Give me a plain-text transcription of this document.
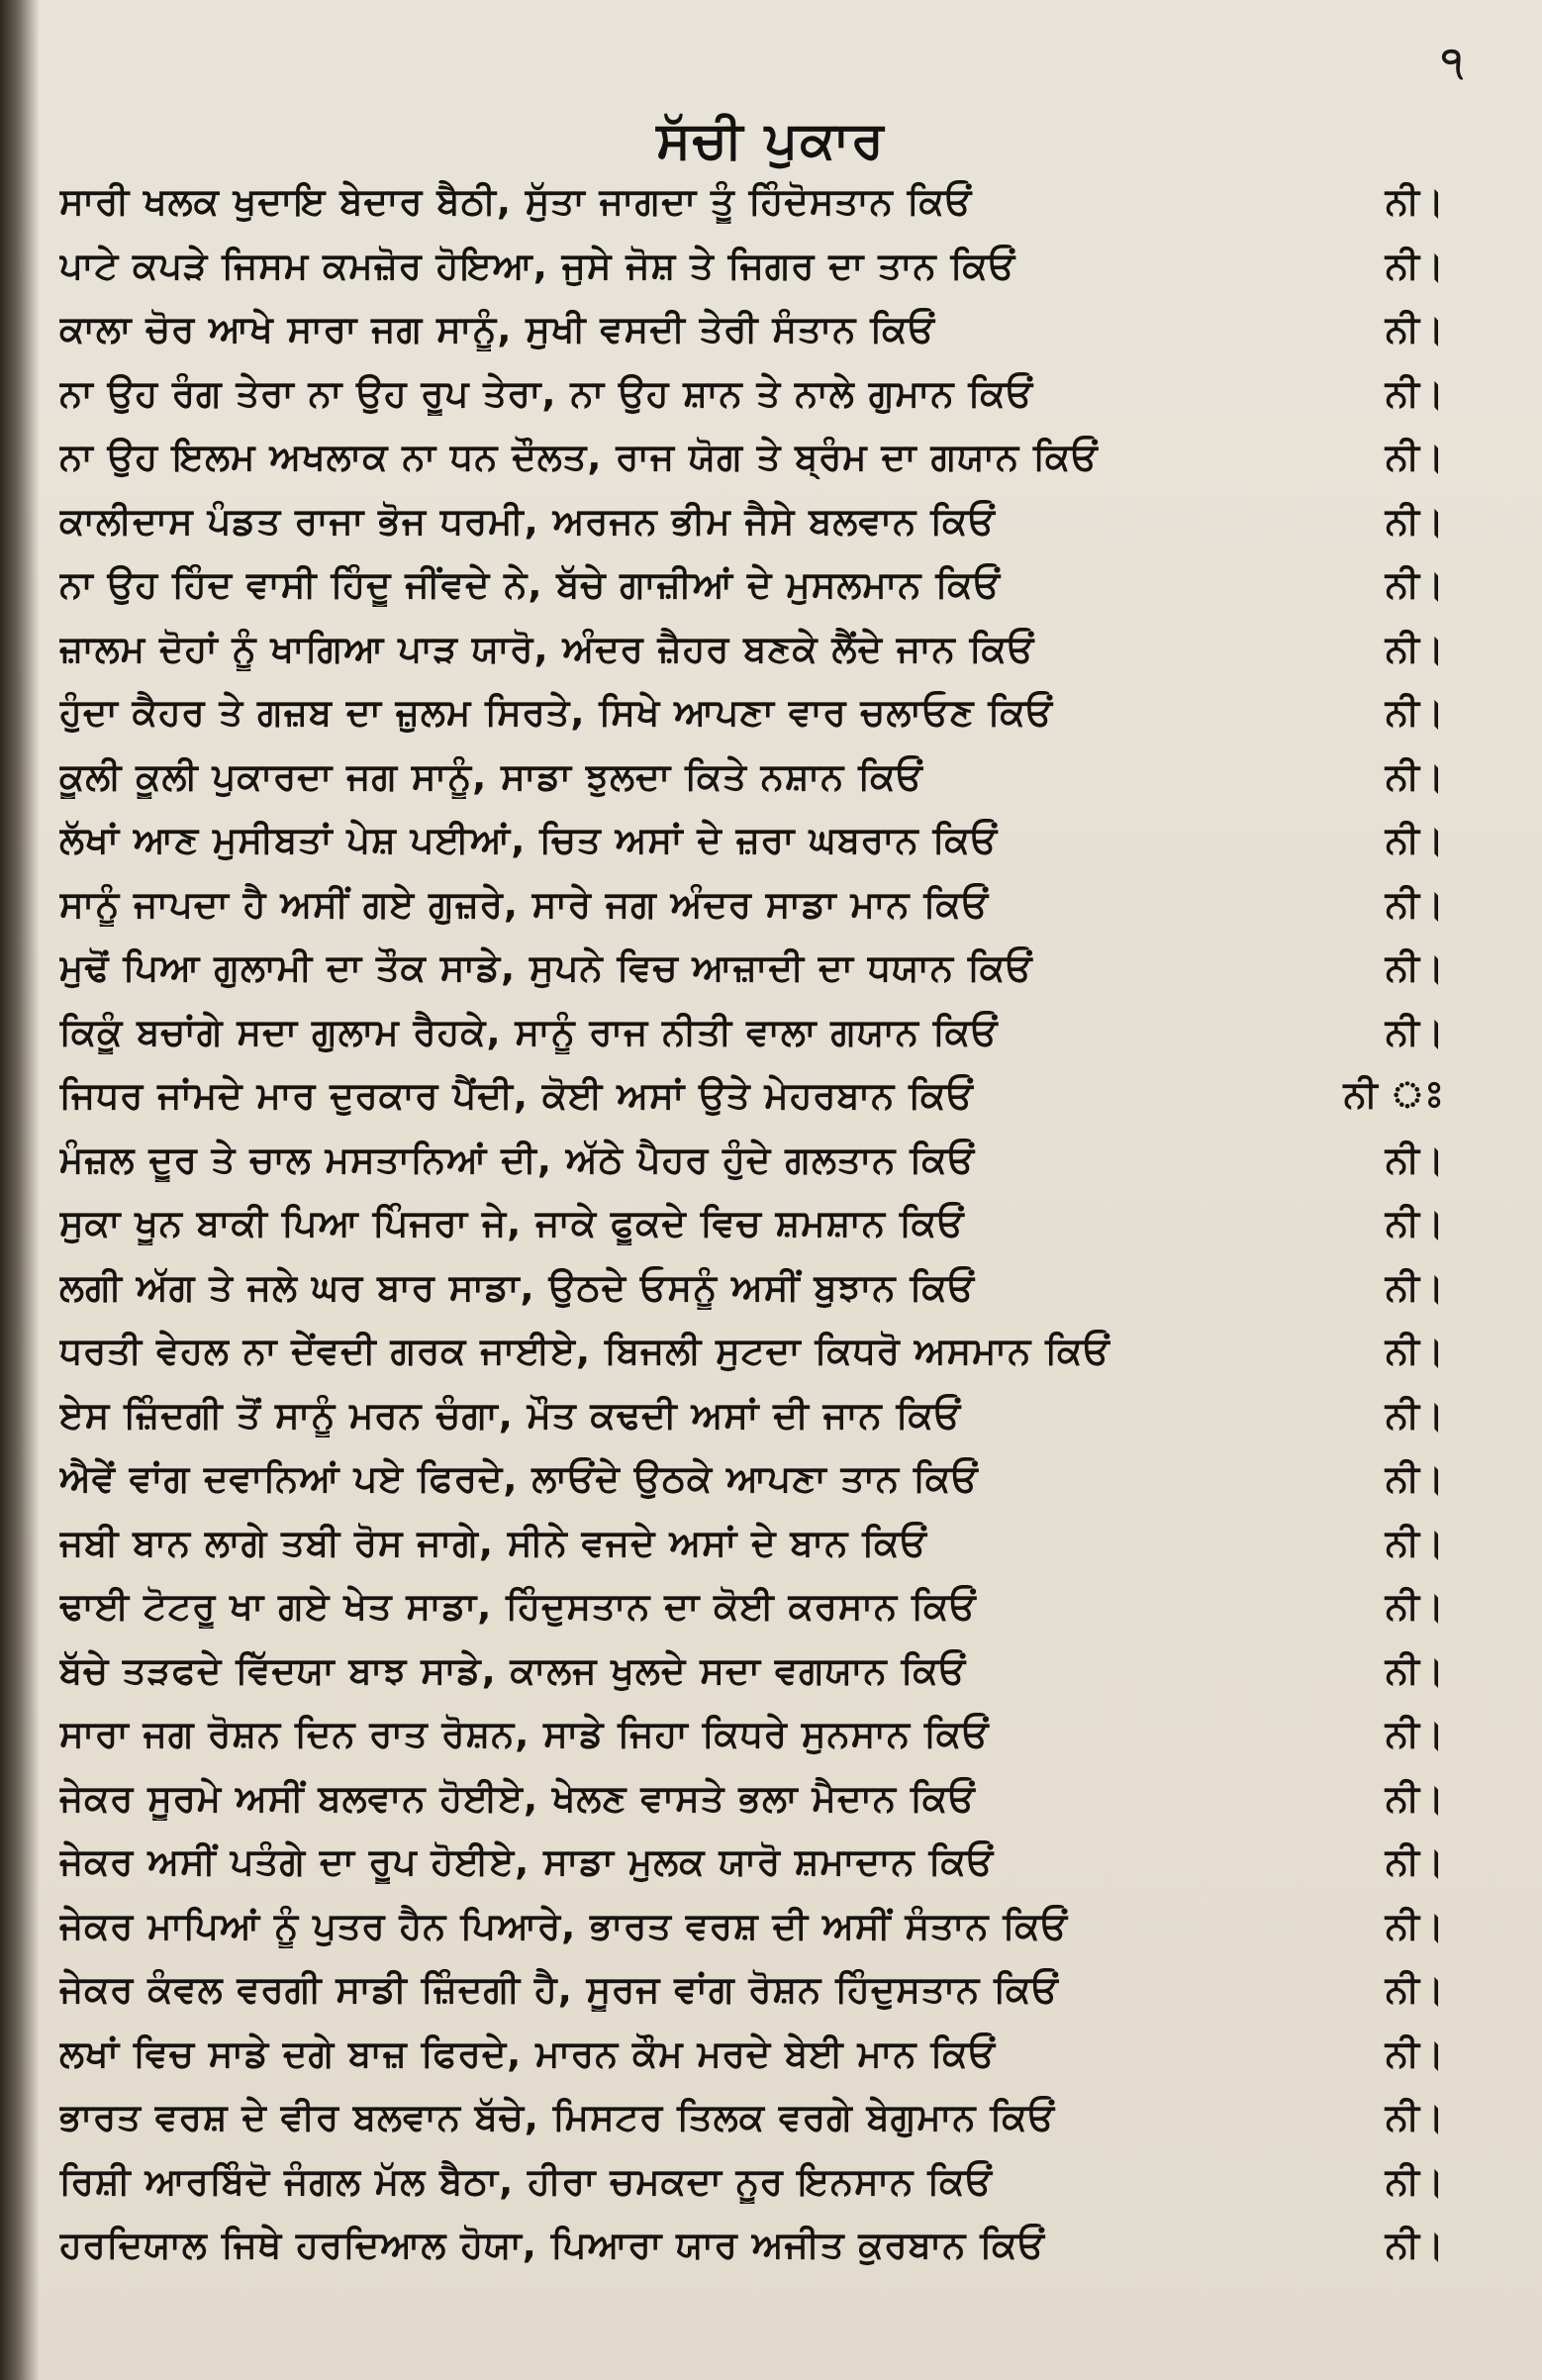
੧
ਸੱਚੀ ਪੁਕਾਰ
ਸਾਰੀ ਖਲਕ ਖੁਦਾਇ ਬੇਦਾਰ ਬੈਠੀ, ਸੁੱਤਾ ਜਾਗਦਾ ਤੂੰ ਹਿੰਦੋਸਤਾਨ ਕਿਓਂ	ਨੀ।
ਪਾਟੇ ਕਪੜੇ ਜਿਸਮ ਕਮਜ਼ੋਰ ਹੋਇਆ, ਜੁਸੇ ਜੋਸ਼ ਤੇ ਜਿਗਰ ਦਾ ਤਾਨ ਕਿਓਂ	ਨੀ।
ਕਾਲਾ ਚੋਰ ਆਖੇ ਸਾਰਾ ਜਗ ਸਾਨੂੰ, ਸੁਖੀ ਵਸਦੀ ਤੇਰੀ ਸੰਤਾਨ ਕਿਓਂ	ਨੀ।
ਨਾ ਉਹ ਰੰਗ ਤੇਰਾ ਨਾ ਉਹ ਰੂਪ ਤੇਰਾ, ਨਾ ਉਹ ਸ਼ਾਨ ਤੇ ਨਾਲੇ ਗੁਮਾਨ ਕਿਓਂ	ਨੀ।
ਨਾ ਉਹ ਇਲਮ ਅਖਲਾਕ ਨਾ ਧਨ ਦੌਲਤ, ਰਾਜ ਯੋਗ ਤੇ ਬ੍ਰੰਮ ਦਾ ਗਯਾਨ ਕਿਓਂ	ਨੀ।
ਕਾਲੀਦਾਸ ਪੰਡਤ ਰਾਜਾ ਭੋਜ ਧਰਮੀ, ਅਰਜਨ ਭੀਮ ਜੈਸੇ ਬਲਵਾਨ ਕਿਓਂ	ਨੀ।
ਨਾ ਉਹ ਹਿੰਦ ਵਾਸੀ ਹਿੰਦੂ ਜੀਂਵਦੇ ਨੇ, ਬੱਚੇ ਗਾਜ਼ੀਆਂ ਦੇ ਮੁਸਲਮਾਨ ਕਿਓਂ	ਨੀ।
ਜ਼ਾਲਮ ਦੋਹਾਂ ਨੂੰ ਖਾਗਿਆ ਪਾੜ ਯਾਰੋ, ਅੰਦਰ ਜ਼ੈਹਰ ਬਣਕੇ ਲੈਂਦੇ ਜਾਨ ਕਿਓਂ	ਨੀ।
ਹੁੰਦਾ ਕੈਹਰ ਤੇ ਗਜ਼ਬ ਦਾ ਜ਼ੁਲਮ ਸਿਰਤੇ, ਸਿਖੇ ਆਪਣਾ ਵਾਰ ਚਲਾਓਣ ਕਿਓਂ	ਨੀ।
ਕੂਲੀ ਕੂਲੀ ਪੁਕਾਰਦਾ ਜਗ ਸਾਨੂੰ, ਸਾਡਾ ਝੁਲਦਾ ਕਿਤੇ ਨਸ਼ਾਨ ਕਿਓਂ	ਨੀ।
ਲੱਖਾਂ ਆਣ ਮੁਸੀਬਤਾਂ ਪੇਸ਼ ਪਈਆਂ, ਚਿਤ ਅਸਾਂ ਦੇ ਜ਼ਰਾ ਘਬਰਾਨ ਕਿਓਂ	ਨੀ।
ਸਾਨੂੰ ਜਾਪਦਾ ਹੈ ਅਸੀਂ ਗਏ ਗੁਜ਼ਰੇ, ਸਾਰੇ ਜਗ ਅੰਦਰ ਸਾਡਾ ਮਾਨ ਕਿਓਂ	ਨੀ।
ਮੁਢੋਂ ਪਿਆ ਗੁਲਾਮੀ ਦਾ ਤੌਕ ਸਾਡੇ, ਸੁਪਨੇ ਵਿਚ ਆਜ਼ਾਦੀ ਦਾ ਧਯਾਨ ਕਿਓਂ	ਨੀ।
ਕਿਕੂੰ ਬਚਾਂਗੇ ਸਦਾ ਗੁਲਾਮ ਰੈਹਕੇ, ਸਾਨੂੰ ਰਾਜ ਨੀਤੀ ਵਾਲਾ ਗਯਾਨ ਕਿਓਂ	ਨੀ।
ਜਿਧਰ ਜਾਂਮਦੇ ਮਾਰ ਦੁਰਕਾਰ ਪੈਂਦੀ, ਕੋਈ ਅਸਾਂ ਉਤੇ ਮੇਹਰਬਾਨ ਕਿਓਂ	ਨੀ ঃ
ਮੰਜ਼ਲ ਦੂਰ ਤੇ ਚਾਲ ਮਸਤਾਨਿਆਂ ਦੀ, ਅੱਠੇ ਪੈਹਰ ਹੁੰਦੇ ਗਲਤਾਨ ਕਿਓਂ	ਨੀ।
ਸੁਕਾ ਖੂਨ ਬਾਕੀ ਪਿਆ ਪਿੰਜਰਾ ਜੇ, ਜਾਕੇ ਫੂਕਦੇ ਵਿਚ ਸ਼ਮਸ਼ਾਨ ਕਿਓਂ	ਨੀ।
ਲਗੀ ਅੱਗ ਤੇ ਜਲੇ ਘਰ ਬਾਰ ਸਾਡਾ, ਉਠਦੇ ਓਸਨੂੰ ਅਸੀਂ ਬੁਝਾਨ ਕਿਓਂ	ਨੀ।
ਧਰਤੀ ਵੇਹਲ ਨਾ ਦੇਂਵਦੀ ਗਰਕ ਜਾਈਏ, ਬਿਜਲੀ ਸੁਟਦਾ ਕਿਧਰੋ ਅਸਮਾਨ ਕਿਓਂ	ਨੀ।
ਏਸ ਜ਼ਿੰਦਗੀ ਤੋਂ ਸਾਨੂੰ ਮਰਨ ਚੰਗਾ, ਮੌਤ ਕਢਦੀ ਅਸਾਂ ਦੀ ਜਾਨ ਕਿਓਂ	ਨੀ।
ਐਵੇਂ ਵਾਂਗ ਦਵਾਨਿਆਂ ਪਏ ਫਿਰਦੇ, ਲਾਓਂਦੇ ਉਠਕੇ ਆਪਣਾ ਤਾਨ ਕਿਓਂ	ਨੀ।
ਜਬੀ ਬਾਨ ਲਾਗੇ ਤਬੀ ਰੋਸ ਜਾਗੇ, ਸੀਨੇ ਵਜਦੇ ਅਸਾਂ ਦੇ ਬਾਨ ਕਿਓਂ	ਨੀ।
ਢਾਈ ਟੋਟਰੂ ਖਾ ਗਏ ਖੇਤ ਸਾਡਾ, ਹਿੰਦੁਸਤਾਨ ਦਾ ਕੋਈ ਕਰਸਾਨ ਕਿਓਂ	ਨੀ।
ਬੱਚੇ ਤੜਫਦੇ ਵਿੱਦਯਾ ਬਾਝ ਸਾਡੇ, ਕਾਲਜ ਖੁਲਦੇ ਸਦਾ ਵਗਯਾਨ ਕਿਓਂ	ਨੀ।
ਸਾਰਾ ਜਗ ਰੋਸ਼ਨ ਦਿਨ ਰਾਤ ਰੋਸ਼ਨ, ਸਾਡੇ ਜਿਹਾ ਕਿਧਰੇ ਸੁਨਸਾਨ ਕਿਓਂ	ਨੀ।
ਜੇਕਰ ਸੂਰਮੇ ਅਸੀਂ ਬਲਵਾਨ ਹੋਈਏ, ਖੇਲਣ ਵਾਸਤੇ ਭਲਾ ਮੈਦਾਨ ਕਿਓਂ	ਨੀ।
ਜੇਕਰ ਅਸੀਂ ਪਤੰਗੇ ਦਾ ਰੂਪ ਹੋਈਏ, ਸਾਡਾ ਮੁਲਕ ਯਾਰੋ ਸ਼ਮਾਦਾਨ ਕਿਓਂ	ਨੀ।
ਜੇਕਰ ਮਾਪਿਆਂ ਨੂੰ ਪੁਤਰ ਹੈਨ ਪਿਆਰੇ, ਭਾਰਤ ਵਰਸ਼ ਦੀ ਅਸੀਂ ਸੰਤਾਨ ਕਿਓਂ	ਨੀ।
ਜੇਕਰ ਕੰਵਲ ਵਰਗੀ ਸਾਡੀ ਜ਼ਿੰਦਗੀ ਹੈ, ਸੂਰਜ ਵਾਂਗ ਰੋਸ਼ਨ ਹਿੰਦੁਸਤਾਨ ਕਿਓਂ	ਨੀ।
ਲਖਾਂ ਵਿਚ ਸਾਡੇ ਦਗੇ ਬਾਜ਼ ਫਿਰਦੇ, ਮਾਰਨ ਕੌਮ ਮਰਦੇ ਬੇਈ ਮਾਨ ਕਿਓਂ	ਨੀ।
ਭਾਰਤ ਵਰਸ਼ ਦੇ ਵੀਰ ਬਲਵਾਨ ਬੱਚੇ, ਮਿਸਟਰ ਤਿਲਕ ਵਰਗੇ ਬੇਗੁਮਾਨ ਕਿਓਂ	ਨੀ।
ਰਿਸ਼ੀ ਆਰਬਿੰਦੋ ਜੰਗਲ ਮੱਲ ਬੈਠਾ, ਹੀਰਾ ਚਮਕਦਾ ਨੂਰ ਇਨਸਾਨ ਕਿਓਂ	ਨੀ।
ਹਰਦਿਯਾਲ ਜਿਥੇ ਹਰਦਿਆਲ ਹੋਯਾ, ਪਿਆਰਾ ਯਾਰ ਅਜੀਤ ਕੁਰਬਾਨ ਕਿਓਂ	ਨੀ।
